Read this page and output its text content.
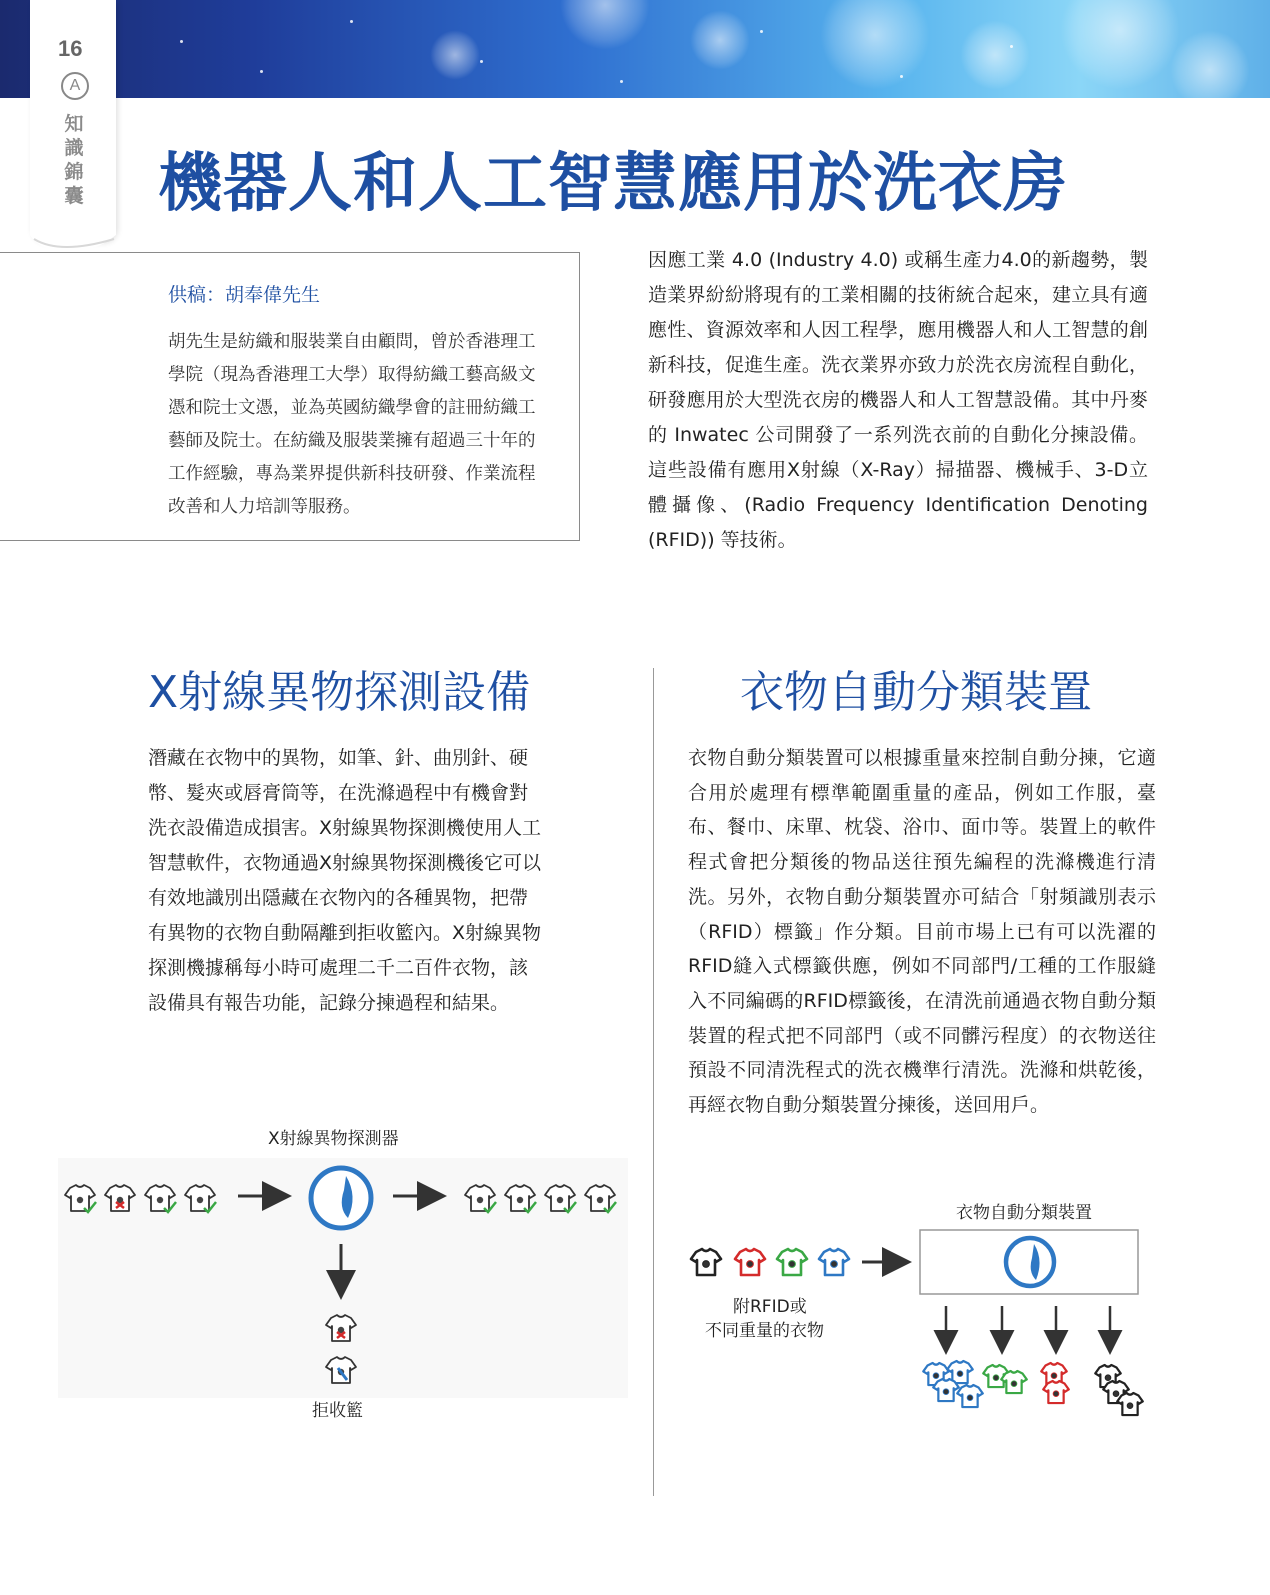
16
A
知識錦囊 機器人和人工智慧應用於洗衣房
供稿：胡奉偉先生
胡先生是紡織和服裝業自由顧問，曾於香港理工學院（現為香港理工大學）取得紡織工藝高級文憑和院士文憑，並為英國紡織學會的註冊紡織工藝師及院士。在紡織及服裝業擁有超過三十年的工作經驗，專為業界提供新科技研發、作業流程改善和人力培訓等服務。

因應工業 4.0 (Industry 4.0) 或稱生產力4.0的新趨勢，製造業界紛紛將現有的工業相關的技術統合起來，建立具有適應性、資源效率和人因工程學，應用機器人和人工智慧的創新科技，促進生產。洗衣業界亦致力於洗衣房流程自動化，研發應用於大型洗衣房的機器人和人工智慧設備。其中丹麥的 Inwatec 公司開發了一系列洗衣前的自動化分揀設備。這些設備有應用X射線（X-Ray）掃描器、機械手、3-D立體攝像、(Radio Frequency Identification Denoting (RFID)) 等技術。

X射線異物探測設備

潛藏在衣物中的異物，如筆、針、曲別針、硬幣、髮夾或唇膏筒等，在洗滌過程中有機會對洗衣設備造成損害。X射線異物探測機使用人工智慧軟件，衣物通過X射線異物探測機後它可以有效地識別出隱藏在衣物內的各種異物，把帶有異物的衣物自動隔離到拒收籃內。X射線異物探測機據稱每小時可處理二千二百件衣物，該設備具有報告功能，記錄分揀過程和結果。

X射線異物探測器
拒收籃
衣物自動分類裝置

衣物自動分類裝置可以根據重量來控制自動分揀，它適合用於處理有標準範圍重量的產品，例如工作服，臺布、餐巾、床單、枕袋、浴巾、面巾等。裝置上的軟件程式會把分類後的物品送往預先編程的洗滌機進行清洗。另外，衣物自動分類裝置亦可結合「射頻識別表示（RFID）標籤」作分類。目前市場上已有可以洗濯的RFID縫入式標籤供應，例如不同部門/工種的工作服縫入不同編碼的RFID標籤後，在清洗前通過衣物自動分類裝置的程式把不同部門（或不同髒污程度）的衣物送往預設不同清洗程式的洗衣機準行清洗。洗滌和烘乾後，再經衣物自動分類裝置分揀後，送回用戶。

衣物自動分類裝置
附RFID或
不同重量的衣物
